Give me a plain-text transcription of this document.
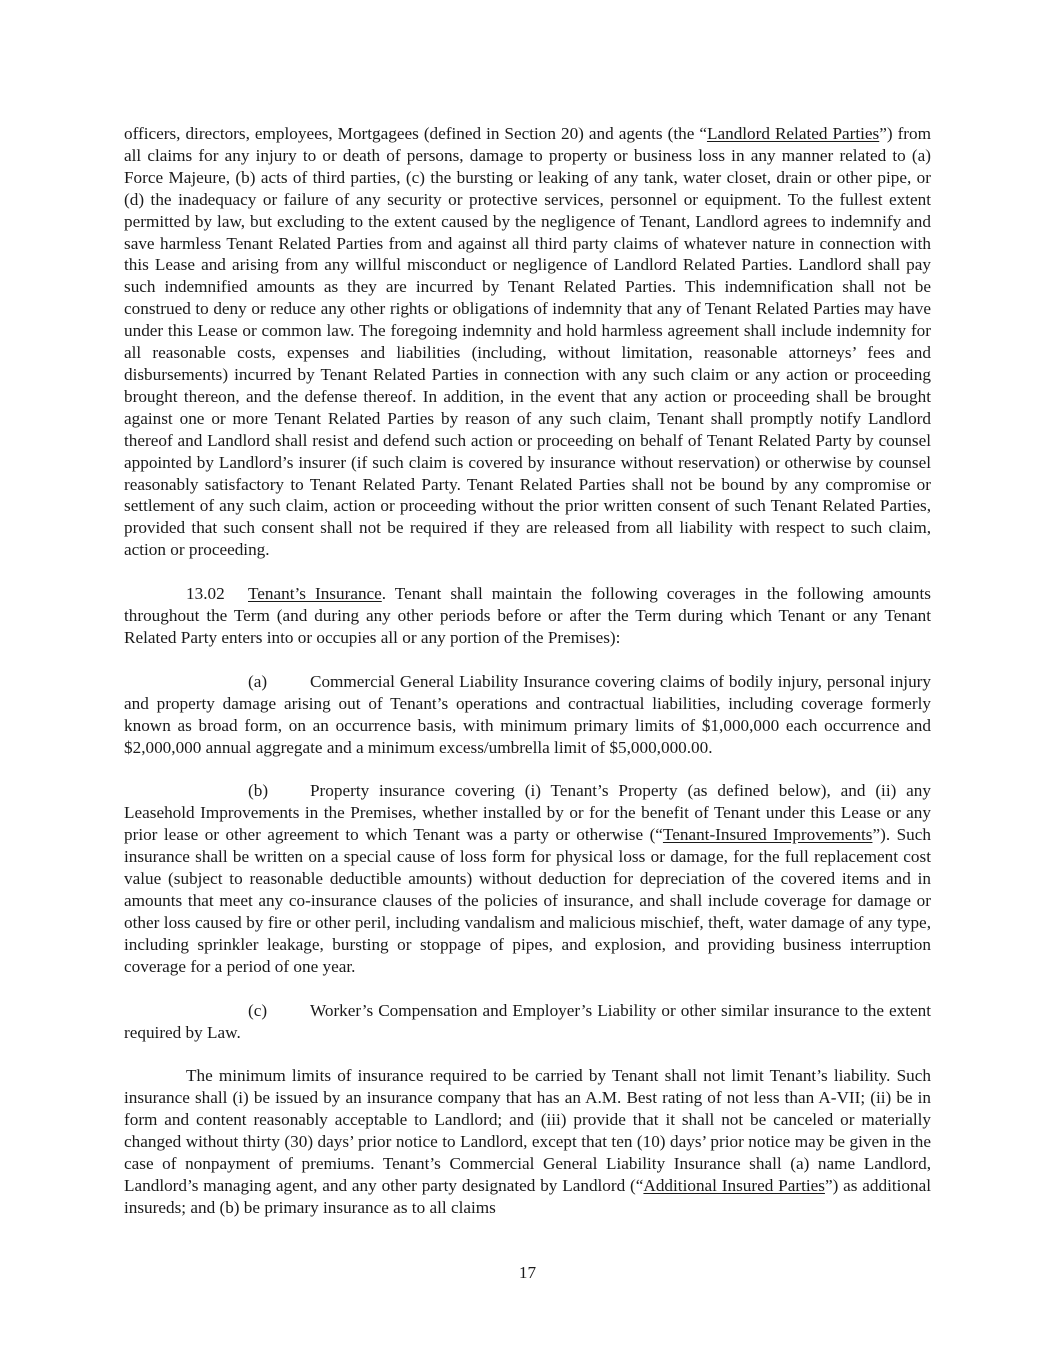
officers, directors, employees, Mortgagees (defined in Section 20) and agents (the “Landlord Related Parties”) from all claims for any injury to or death of persons, damage to property or business loss in any manner related to (a) Force Majeure, (b) acts of third parties, (c) the bursting or leaking of any tank, water closet, drain or other pipe, or (d) the inadequacy or failure of any security or protective services, personnel or equipment. To the fullest extent permitted by law, but excluding to the extent caused by the negligence of Tenant, Landlord agrees to indemnify and save harmless Tenant Related Parties from and against all third party claims of whatever nature in connection with this Lease and arising from any willful misconduct or negligence of Landlord Related Parties. Landlord shall pay such indemnified amounts as they are incurred by Tenant Related Parties. This indemnification shall not be construed to deny or reduce any other rights or obligations of indemnity that any of Tenant Related Parties may have under this Lease or common law. The foregoing indemnity and hold harmless agreement shall include indemnity for all reasonable costs, expenses and liabilities (including, without limitation, reasonable attorneys’ fees and disbursements) incurred by Tenant Related Parties in connection with any such claim or any action or proceeding brought thereon, and the defense thereof. In addition, in the event that any action or proceeding shall be brought against one or more Tenant Related Parties by reason of any such claim, Tenant shall promptly notify Landlord thereof and Landlord shall resist and defend such action or proceeding on behalf of Tenant Related Party by counsel appointed by Landlord’s insurer (if such claim is covered by insurance without reservation) or otherwise by counsel reasonably satisfactory to Tenant Related Party. Tenant Related Parties shall not be bound by any compromise or settlement of any such claim, action or proceeding without the prior written consent of such Tenant Related Parties, provided that such consent shall not be required if they are released from all liability with respect to such claim, action or proceeding.

13.02 Tenant’s Insurance. Tenant shall maintain the following coverages in the following amounts throughout the Term (and during any other periods before or after the Term during which Tenant or any Tenant Related Party enters into or occupies all or any portion of the Premises):

(a) Commercial General Liability Insurance covering claims of bodily injury, personal injury and property damage arising out of Tenant’s operations and contractual liabilities, including coverage formerly known as broad form, on an occurrence basis, with minimum primary limits of $1,000,000 each occurrence and $2,000,000 annual aggregate and a minimum excess/umbrella limit of $5,000,000.00.

(b) Property insurance covering (i) Tenant’s Property (as defined below), and (ii) any Leasehold Improvements in the Premises, whether installed by or for the benefit of Tenant under this Lease or any prior lease or other agreement to which Tenant was a party or otherwise (“Tenant-Insured Improvements”). Such insurance shall be written on a special cause of loss form for physical loss or damage, for the full replacement cost value (subject to reasonable deductible amounts) without deduction for depreciation of the covered items and in amounts that meet any co-insurance clauses of the policies of insurance, and shall include coverage for damage or other loss caused by fire or other peril, including vandalism and malicious mischief, theft, water damage of any type, including sprinkler leakage, bursting or stoppage of pipes, and explosion, and providing business interruption coverage for a period of one year.

(c) Worker’s Compensation and Employer’s Liability or other similar insurance to the extent required by Law.

The minimum limits of insurance required to be carried by Tenant shall not limit Tenant’s liability. Such insurance shall (i) be issued by an insurance company that has an A.M. Best rating of not less than A-VII; (ii) be in form and content reasonably acceptable to Landlord; and (iii) provide that it shall not be canceled or materially changed without thirty (30) days’ prior notice to Landlord, except that ten (10) days’ prior notice may be given in the case of nonpayment of premiums. Tenant’s Commercial General Liability Insurance shall (a) name Landlord, Landlord’s managing agent, and any other party designated by Landlord (“Additional Insured Parties”) as additional insureds; and (b) be primary insurance as to all claims

17
